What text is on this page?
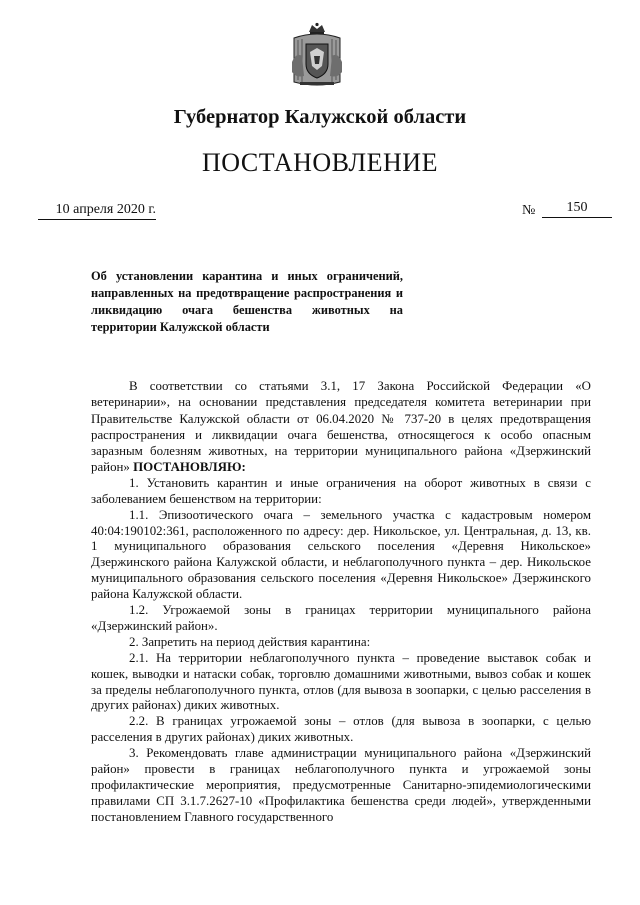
Губернатор Калужской области
ПОСТАНОВЛЕНИЕ
10 апреля 2020 г.	№	150
Об установлении карантина и иных ограничений, направленных на предотвращение распространения и ликвидацию очага бешенства животных на территории Калужской области

В соответствии со статьями 3.1, 17 Закона Российской Федерации «О ветеринарии», на основании представления председателя комитета ветеринарии при Правительстве Калужской области от 06.04.2020 № 737-20 в целях предотвращения распространения и ликвидации очага бешенства, относящегося к особо опасным заразным болезням животных, на территории муниципального района «Дзержинский район» ПОСТАНОВЛЯЮ:

1. Установить карантин и иные ограничения на оборот животных в связи с заболеванием бешенством на территории:

1.1. Эпизоотического очага – земельного участка с кадастровым номером 40:04:190102:361, расположенного по адресу: дер. Никольское, ул. Центральная, д. 13, кв. 1 муниципального образования сельского поселения «Деревня Никольское» Дзержинского района Калужской области, и неблагополучного пункта – дер. Никольское муниципального образования сельского поселения «Деревня Никольское» Дзержинского района Калужской области.

1.2. Угрожаемой зоны в границах территории муниципального района «Дзержинский район».

2. Запретить на период действия карантина:

2.1. На территории неблагополучного пункта – проведение выставок собак и кошек, выводки и натаски собак, торговлю домашними животными, вывоз собак и кошек за пределы неблагополучного пункта, отлов (для вывоза в зоопарки, с целью расселения в других районах) диких животных.

2.2. В границах угрожаемой зоны – отлов (для вывоза в зоопарки, с целью расселения в других районах) диких животных.

3. Рекомендовать главе администрации муниципального района «Дзержинский район» провести в границах неблагополучного пункта и угрожаемой зоны профилактические мероприятия, предусмотренные Санитарно-эпидемиологическими правилами СП 3.1.7.2627-10 «Профилактика бешенства среди людей», утвержденными постановлением Главного государственного
